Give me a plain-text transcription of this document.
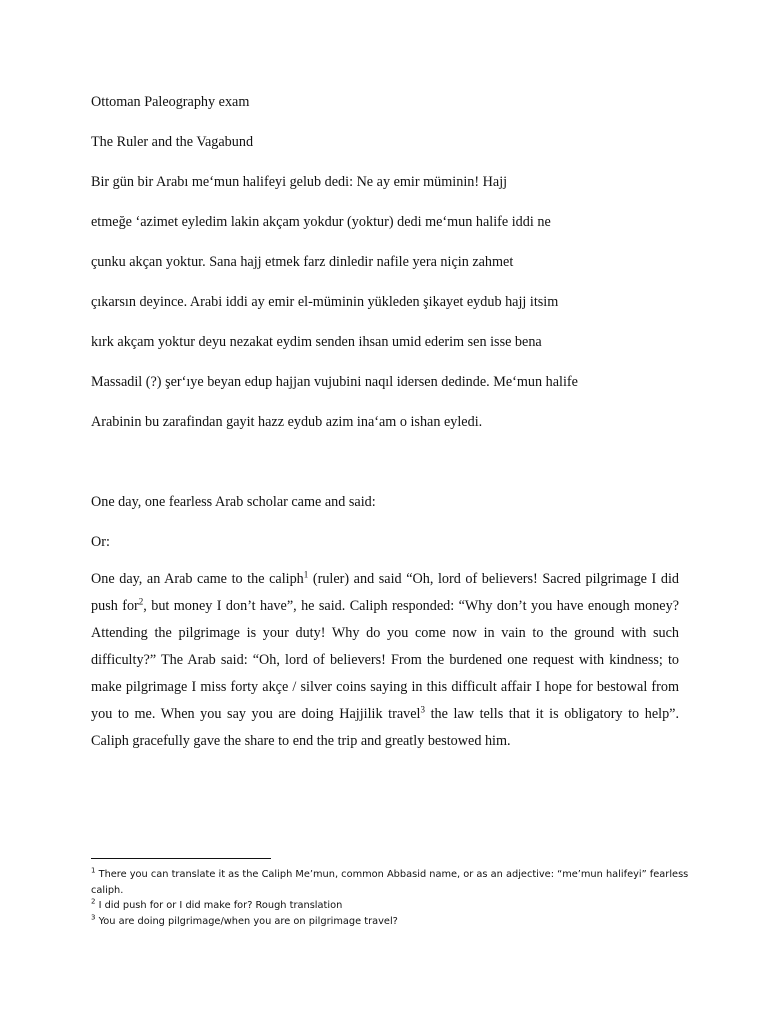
Ottoman Paleography exam
The Ruler and the Vagabund
Bir gün bir Arabı meʻmun halifeyi gelub dedi: Ne ay emir müminin! Hajj
etmeğe ʻazimet eyledim lakin akçam yokdur (yoktur) dedi meʻmun halife iddi ne
çunku akçan yoktur. Sana hajj etmek farz dinledir nafile yera niçin zahmet
çıkarsın deyince. Arabi iddi ay emir el-müminin yükleden şikayet eydub hajj itsim
kırk akçam yoktur deyu nezakat eydim senden ihsan umid ederim sen isse bena
Massadil (?) şerʻıye beyan edup hajjan vujubini naqıl idersen dedinde. Meʻmun halife
Arabinin bu zarafindan gayit hazz eydub azim inaʻam o ishan eyledi.
One day, one fearless Arab scholar came and said:
Or:
One day, an Arab came to the caliph$^1$ (ruler) and said “Oh, lord of believers! Sacred pilgrimage I did push for$^2$, but money I don’t have”, he said. Caliph responded: “Why don’t you have enough money? Attending the pilgrimage is your duty! Why do you come now in vain to the ground with such difficulty?” The Arab said: “Oh, lord of believers! From the burdened one request with kindness; to make pilgrimage I miss forty akçe / silver coins saying in this difficult affair I hope for bestowal from you to me. When you say you are doing Hajjilik travel$^3$ the law tells that it is obligatory to help”. Caliph gracefully gave the share to end the trip and greatly bestowed him.
$^1$ There you can translate it as the Caliph Me’mun, common Abbasid name, or as an adjective: “me’mun halifeyi” fearless caliph.
$^2$ I did push for or I did make for? Rough translation
$^3$ You are doing pilgrimage/when you are on pilgrimage travel?
